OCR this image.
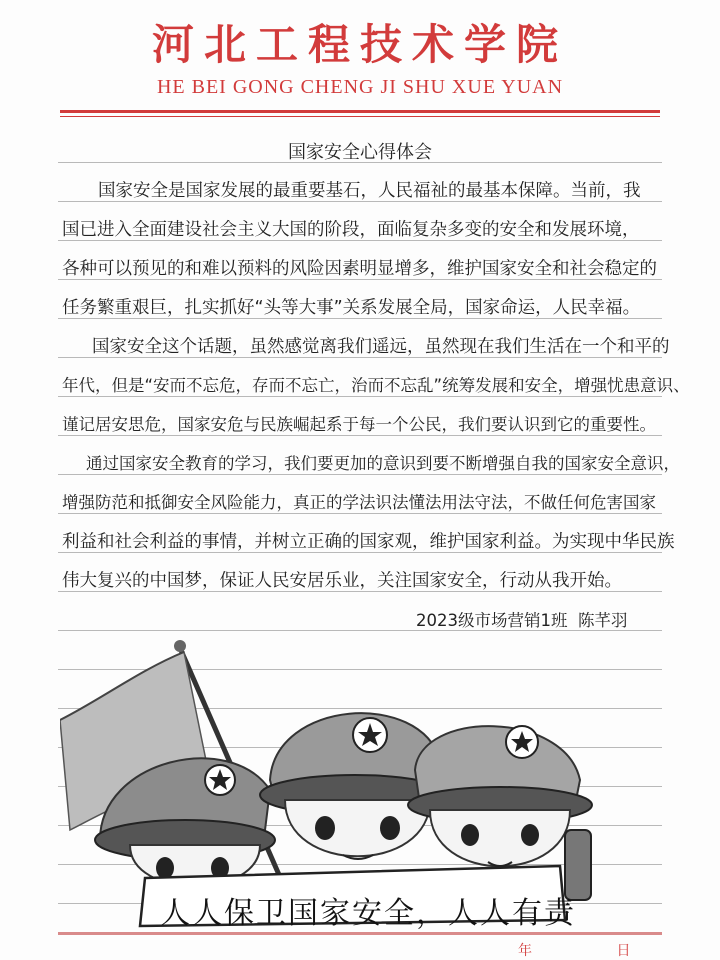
河北工程技术学院
HE BEI GONG CHENG JI SHU XUE YUAN
国家安全心得体会
国家安全是国家发展的最重要基石，人民福祉的最基本保障。当前，我
国已进入全面建设社会主义大国的阶段，面临复杂多变的安全和发展环境，
各种可以预见的和难以预料的风险因素明显增多，维护国家安全和社会稳定的
任务繁重艰巨，扎实抓好“头等大事”关系发展全局，国家命运，人民幸福。
国家安全这个话题，虽然感觉离我们遥远，虽然现在我们生活在一个和平的
年代，但是“安而不忘危，存而不忘亡，治而不忘乱”统筹发展和安全，增强忧患意识、
谨记居安思危，国家安危与民族崛起系于每一个公民，我们要认识到它的重要性。
通过国家安全教育的学习，我们要更加的意识到要不断增强自我的国家安全意识，
增强防范和抵御安全风险能力，真正的学法识法懂法用法守法，不做任何危害国家
利益和社会利益的事情，并树立正确的国家观，维护国家利益。为实现中华民族
伟大复兴的中国梦，保证人民安居乐业，关注国家安全，行动从我开始。
2023级市场营销1班 陈芊羽
人人保卫国家安全，人人有责
年 日
